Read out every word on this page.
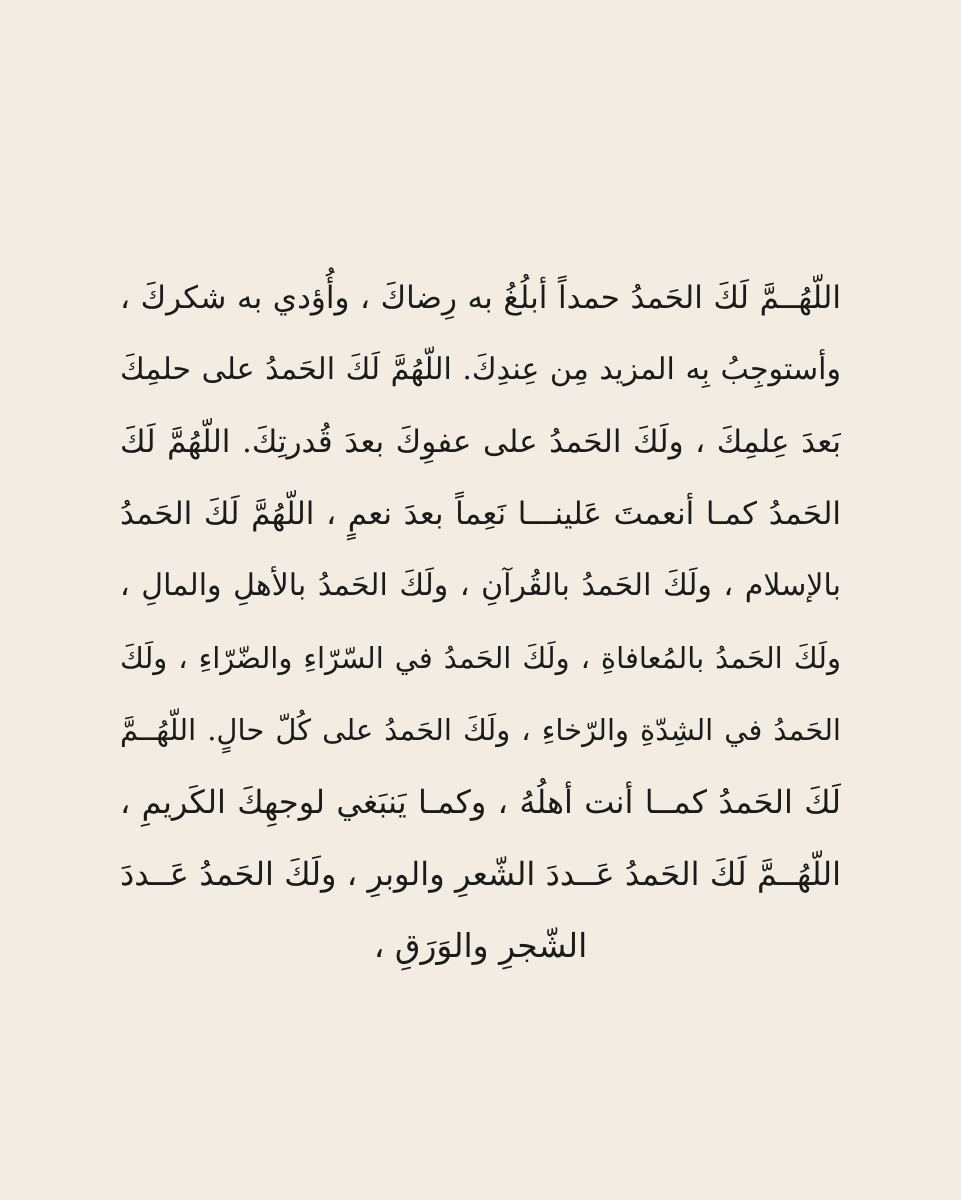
اللّهُــمَّ لَكَ الحَمدُ حمداً أبلُغُ به رِضاكَ ، وأُؤدي به شكركَ ،
وأستوجِبُ بِه المزيد مِن عِندِكَ. اللّهُمَّ لَكَ الحَمدُ على حلمِكَ
بَعدَ عِلمِكَ ، ولَكَ الحَمدُ على عفوِكَ بعدَ قُدرتِكَ. اللّهُمَّ لَكَ
الحَمدُ كمـا أنعمتَ عَلينـــا نَعِماً بعدَ نعمٍ ، اللّهُمَّ لَكَ الحَمدُ
بالإسلام ، ولَكَ الحَمدُ بالقُرآنِ ، ولَكَ الحَمدُ بالأهلِ والمالِ ،
ولَكَ الحَمدُ بالمُعافاةِ ، ولَكَ الحَمدُ في السّرّاءِ والضّرّاءِ ، ولَكَ
الحَمدُ في الشِدّةِ والرّخاءِ ، ولَكَ الحَمدُ على كُلّ حالٍ. اللّهُــمَّ
لَكَ الحَمدُ كمــا أنت أهلُهُ ، وكمـا يَنبَغي لوجهِكَ الكَريمِ ،
اللّهُــمَّ لَكَ الحَمدُ عَــددَ الشّعرِ والوبرِ ، ولَكَ الحَمدُ عَــددَ
الشّجرِ والوَرَقِ ،
